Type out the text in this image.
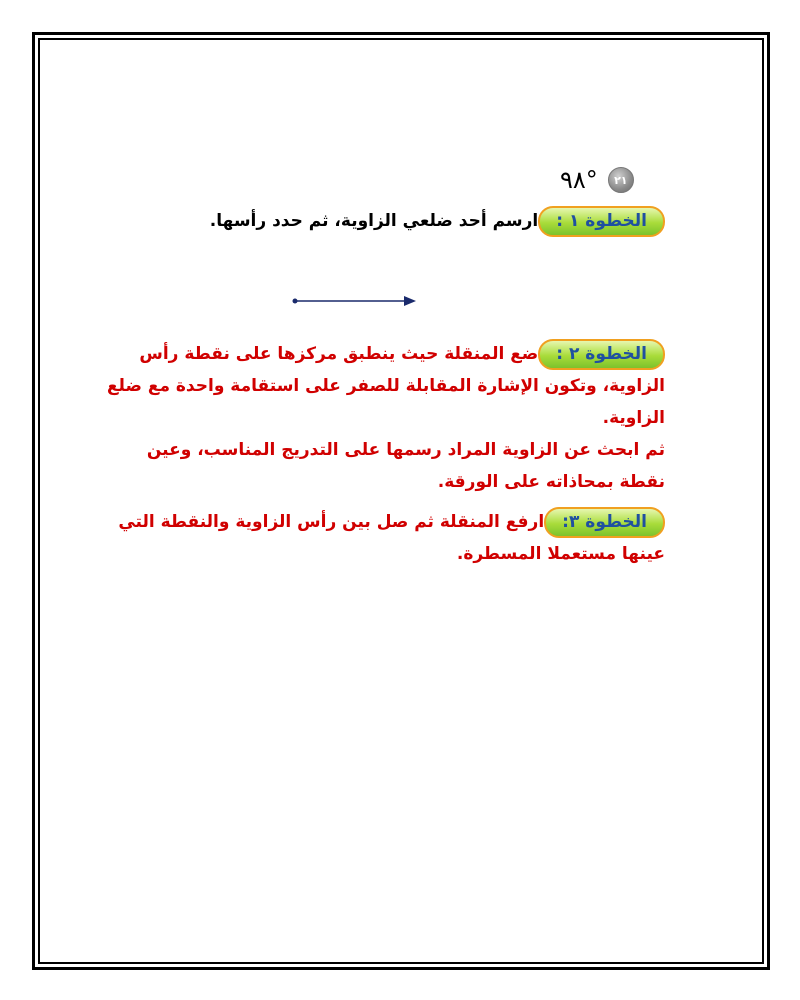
٩٨°	٢١
الخطوة ١ :ارسم أحد ضلعي الزاوية، ثم حدد رأسها.
الخطوة ٢ :ضع المنقلة حيث ينطبق مركزها على نقطة رأس الزاوية، وتكون الإشارة المقابلة للصفر على استقامة واحدة مع ضلع الزاوية.
ثم ابحث عن الزاوية المراد رسمها على التدريج المناسب، وعين نقطة بمحاذاته على الورقة.
الخطوة ٣:ارفع المنقلة ثم صل بين رأس الزاوية والنقطة التي عينها مستعملا المسطرة.
